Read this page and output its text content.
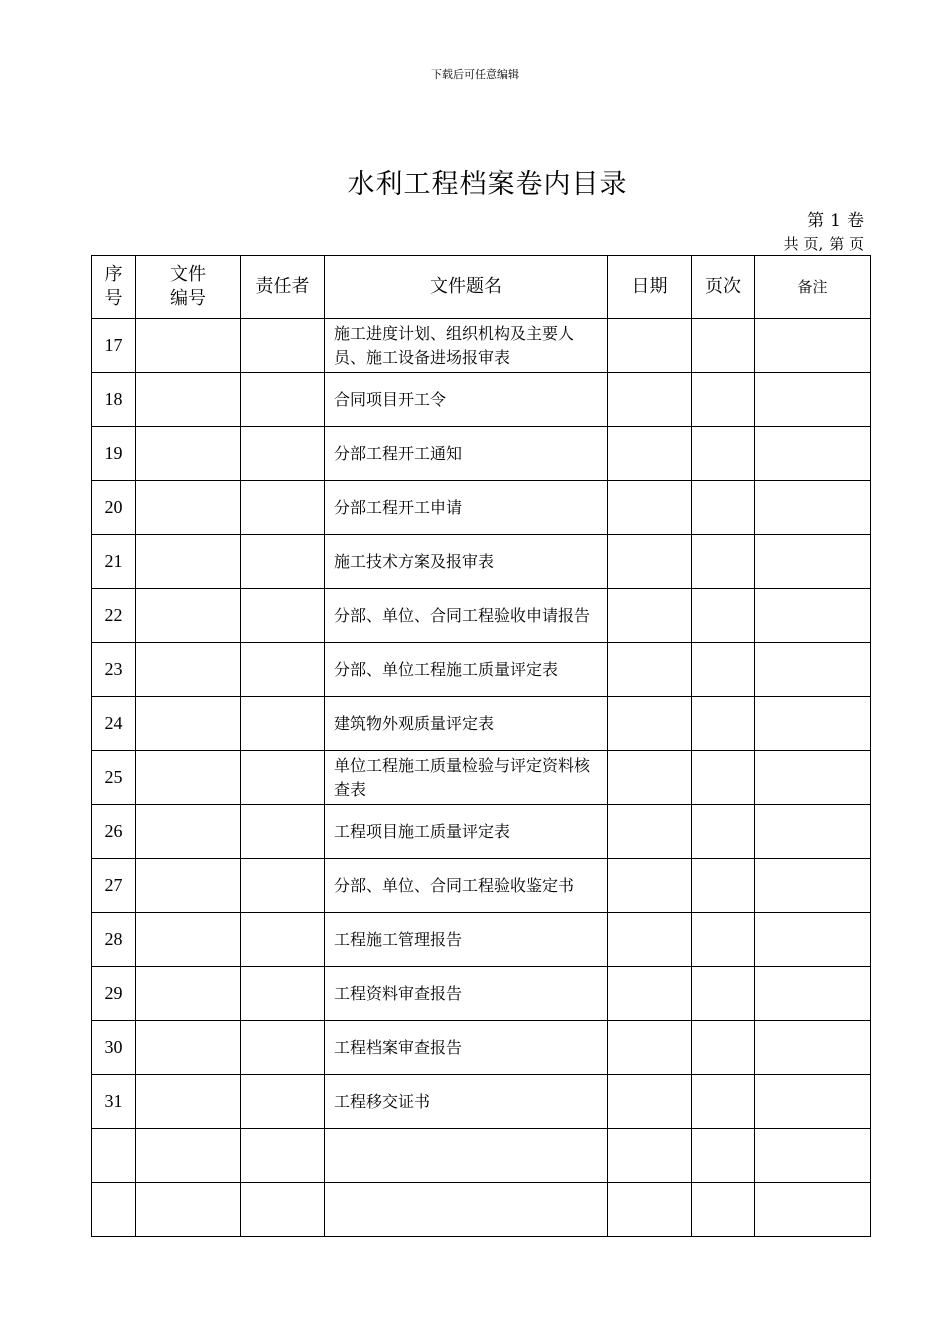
下载后可任意编辑
水利工程档案卷内目录
第 1 卷
共 页, 第 页
序号	文件编号	责任者	文件题名	日期	页次	备注
17			施工进度计划、组织机构及主要人员、施工设备进场报审表			
18			合同项目开工令			
19			分部工程开工通知			
20			分部工程开工申请			
21			施工技术方案及报审表			
22			分部、单位、合同工程验收申请报告			
23			分部、单位工程施工质量评定表			
24			建筑物外观质量评定表			
25			单位工程施工质量检验与评定资料核查表			
26			工程项目施工质量评定表			
27			分部、单位、合同工程验收鉴定书			
28			工程施工管理报告			
29			工程资料审查报告			
30			工程档案审查报告			
31			工程移交证书			
